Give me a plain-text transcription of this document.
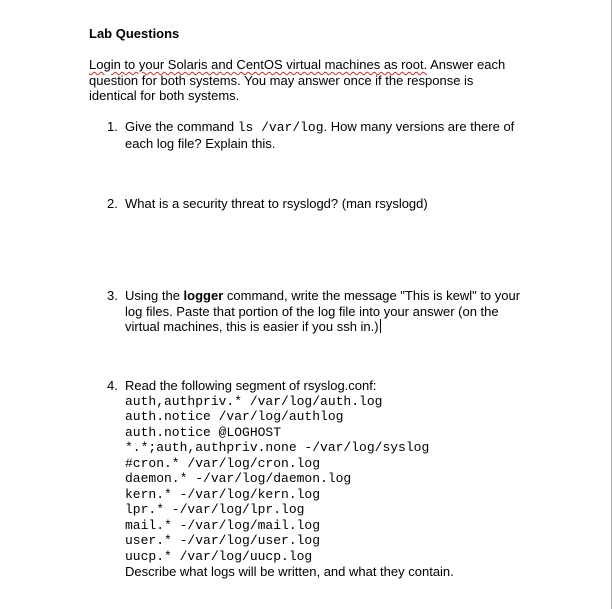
Lab Questions
Login to your Solaris and CentOS virtual machines as root. Answer each question for both systems. You may answer once if the response is identical for both systems.
1. Give the command ls /var/log. How many versions are there of each log file? Explain this.
2. What is a security threat to rsyslogd? (man rsyslogd)
3. Using the logger command, write the message "This is kewl" to your log files. Paste that portion of the log file into your answer (on the virtual machines, this is easier if you ssh in.)
4. Read the following segment of rsyslog.conf:
auth,authpriv.* /var/log/auth.log
auth.notice /var/log/authlog
auth.notice @LOGHOST
*.*;auth,authpriv.none -/var/log/syslog
#cron.* /var/log/cron.log
daemon.* -/var/log/daemon.log
kern.* -/var/log/kern.log
lpr.* -/var/log/lpr.log
mail.* -/var/log/mail.log
user.* -/var/log/user.log
uucp.* /var/log/uucp.log
Describe what logs will be written, and what they contain.
